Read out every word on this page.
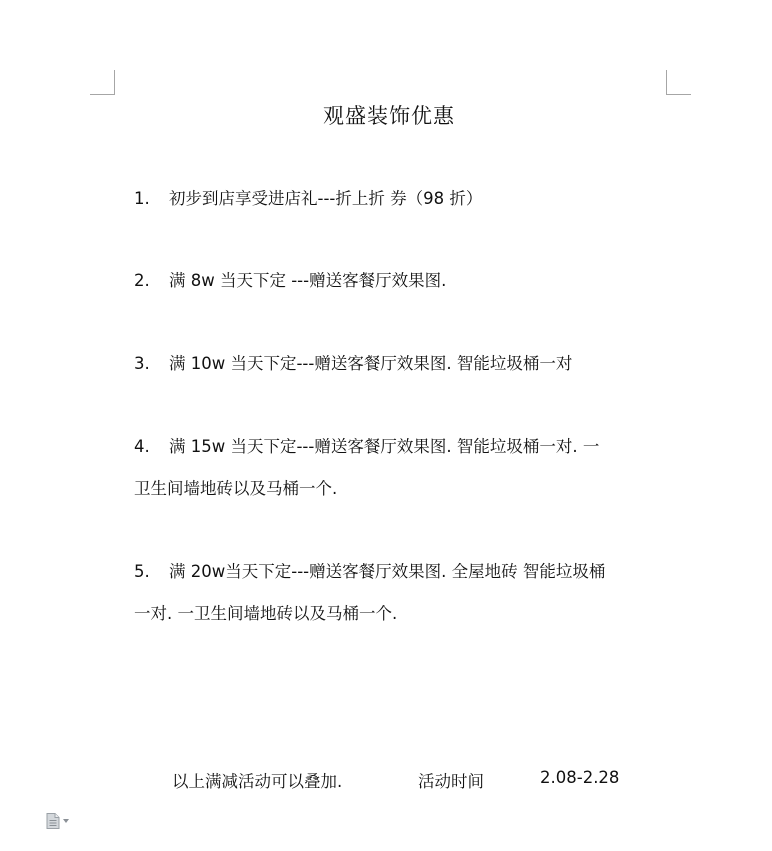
观盛装饰优惠
1. 初步到店享受进店礼---折上折 券（98 折）
2. 满 8w 当天下定 ---赠送客餐厅效果图.
3. 满 10w 当天下定---赠送客餐厅效果图. 智能垃圾桶一对
4. 满 15w 当天下定---赠送客餐厅效果图. 智能垃圾桶一对. 一
卫生间墙地砖以及马桶一个.
5. 满 20w当天下定---赠送客餐厅效果图. 全屋地砖 智能垃圾桶
一对. 一卫生间墙地砖以及马桶一个.
以上满减活动可以叠加.	活动时间	2.08-2.28
